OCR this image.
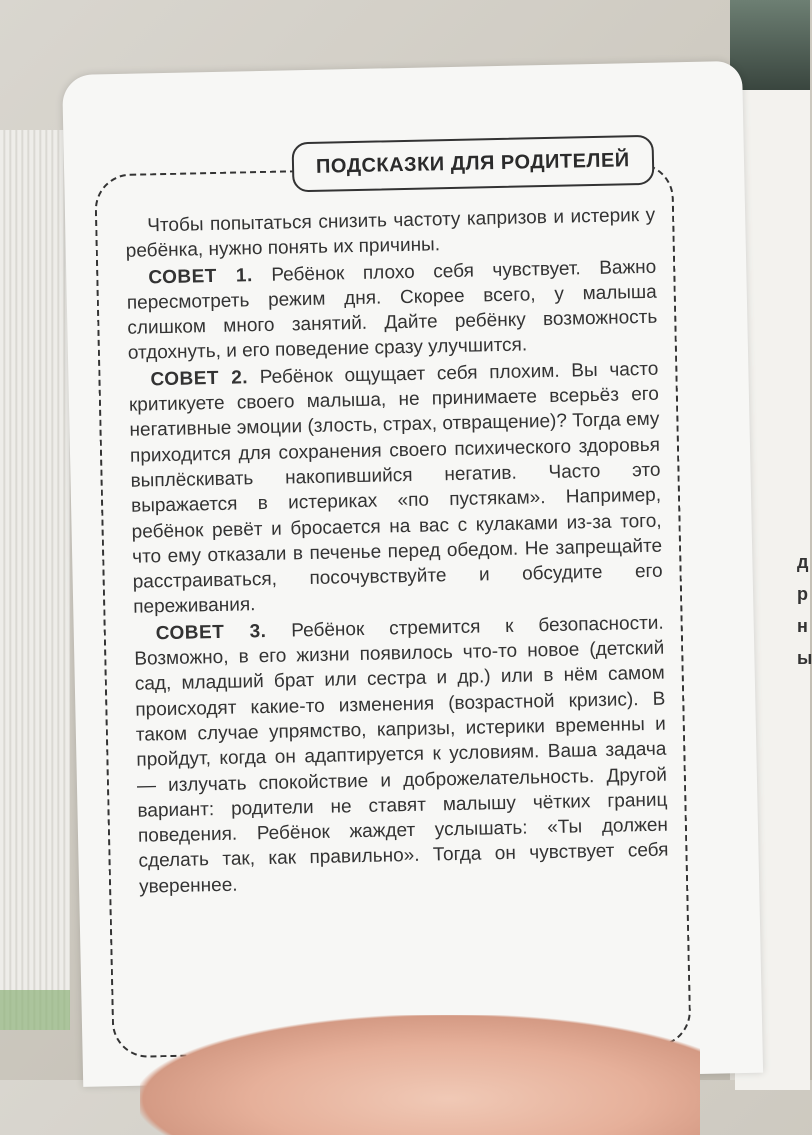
д
р
н
ы
ПОДСКАЗКИ ДЛЯ РОДИТЕЛЕЙ

Чтобы попытаться снизить частоту капризов и истерик у ребёнка, нужно понять их причины.

СОВЕТ 1. Ребёнок плохо себя чувствует. Важно пересмотреть режим дня. Скорее всего, у малыша слишком много занятий. Дайте ребёнку возможность отдохнуть, и его поведение сразу улучшится.

СОВЕТ 2. Ребёнок ощущает себя плохим. Вы часто критикуете своего малыша, не принимаете всерьёз его негативные эмоции (злость, страх, отвращение)? Тогда ему приходится для сохранения своего психического здоровья выплёскивать накопившийся негатив. Часто это выражается в истериках «по пустякам». Например, ребёнок ревёт и бросается на вас с кулаками из-за того, что ему отказали в печенье перед обедом. Не запрещайте расстраиваться, посочувствуйте и обсудите его переживания.

СОВЕТ 3. Ребёнок стремится к безопасности. Возможно, в его жизни появилось что-то новое (детский сад, младший брат или сестра и др.) или в нём самом происходят какие-то изменения (возрастной кризис). В таком случае упрямство, капризы, истерики временны и пройдут, когда он адаптируется к условиям. Ваша задача — излучать спокойствие и доброжелательность. Другой вариант: родители не ставят малышу чётких границ поведения. Ребёнок жаждет услышать: «Ты должен сделать так, как правильно». Тогда он чувствует себя увереннее.
